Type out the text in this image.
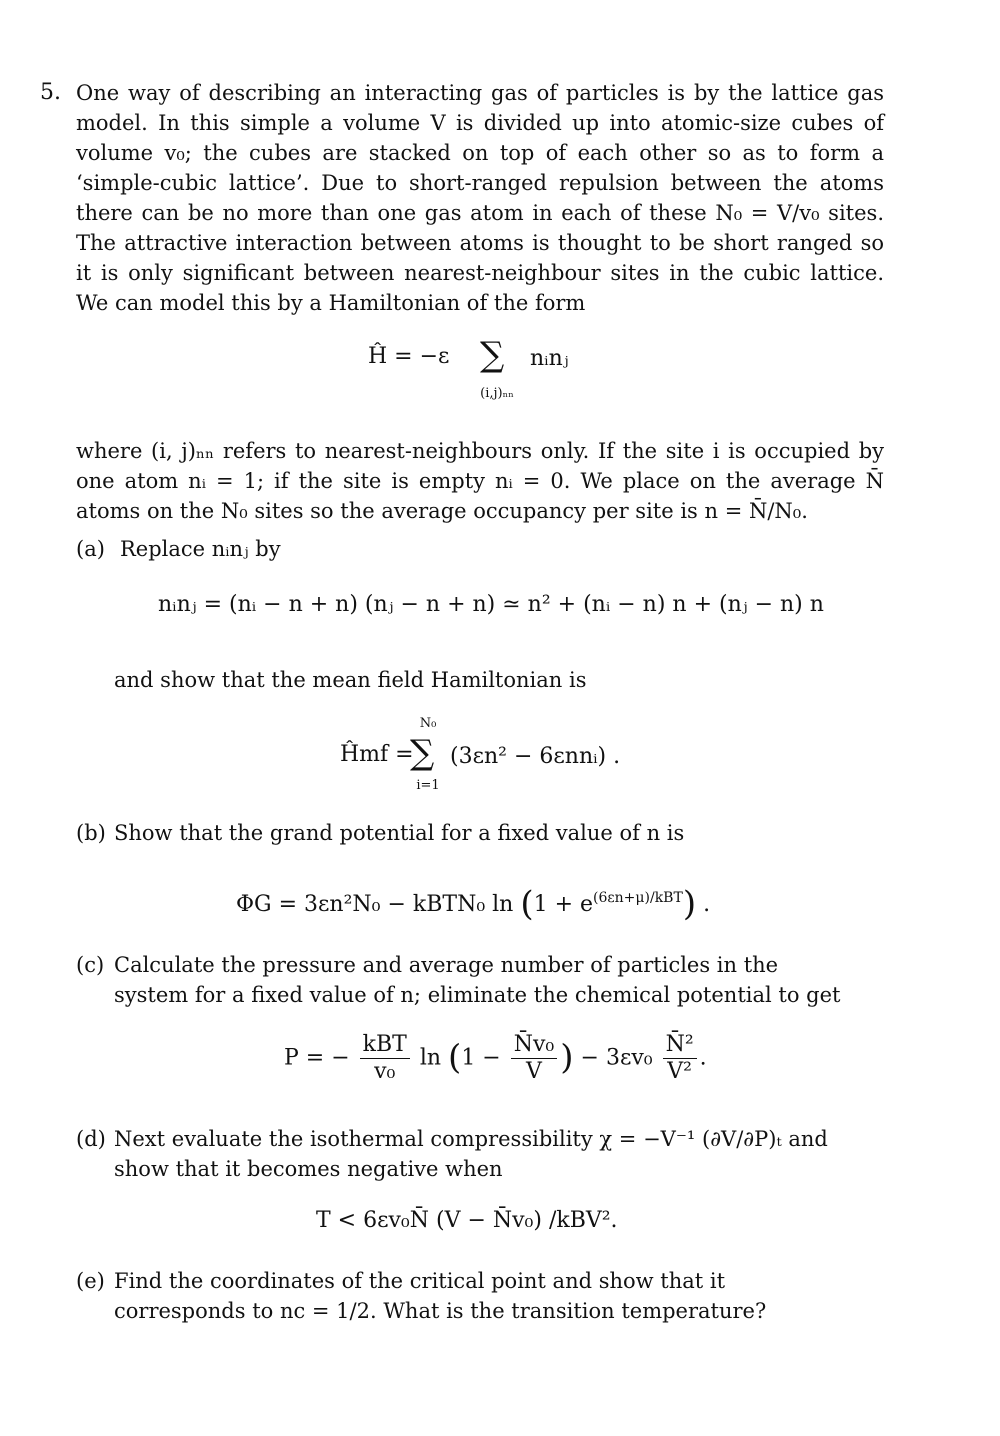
5. One way of describing an interacting gas of particles is by the lattice gas model. In this simple a volume V is divided up into atomic-size cubes of volume v₀; the cubes are stacked on top of each other so as to form a ‘simple-cubic lattice’. Due to short-ranged repulsion between the atoms there can be no more than one gas atom in each of these N₀ = V/v₀ sites. The attractive interaction between atoms is thought to be short ranged so it is only significant between nearest-neighbour sites in the cubic lattice. We can model this by a Hamiltonian of the form
Ĥ = −ε ∑ nᵢnⱼ
(i,j)ₙₙ
where (i, j)ₙₙ refers to nearest-neighbours only. If the site i is occupied by one atom nᵢ = 1; if the site is empty nᵢ = 0. We place on the average N̄ atoms on the N₀ sites so the average occupancy per site is n = N̄/N₀.
(a) Replace nᵢnⱼ by
nᵢnⱼ = (nᵢ − n + n) (nⱼ − n + n) ≃ n² + (nᵢ − n) n + (nⱼ − n) n
and show that the mean field Hamiltonian is
Ĥmf =
N₀
∑
i=1
(3εn² − 6εnnᵢ) .
(b) Show that the grand potential for a fixed value of n is
ΦG = 3εn²N₀ − kBTN₀ $\ln (1 + e^{(6\varepsilon n+\mu)/kBT})$ .
(c) Calculate the pressure and average number of particles in the system for a fixed value of n; eliminate the chemical potential to get
P = − $\frac{\text{kBT}}{\text{v₀}}$ $\ln (1 - \frac{\text{N̄v₀}}{V}$ ) − $3\varepsilon v_0 \frac{\text{N̄²}}{\text{V²}}$ .
(d) Next evaluate the isothermal compressibility χ = −V⁻¹ (∂V/∂P)ₜ and show that it becomes negative when
T < 6εv₀N̄ (V − N̄v₀) /kBV².
(e) Find the coordinates of the critical point and show that it corresponds to nc = 1/2. What is the transition temperature?
